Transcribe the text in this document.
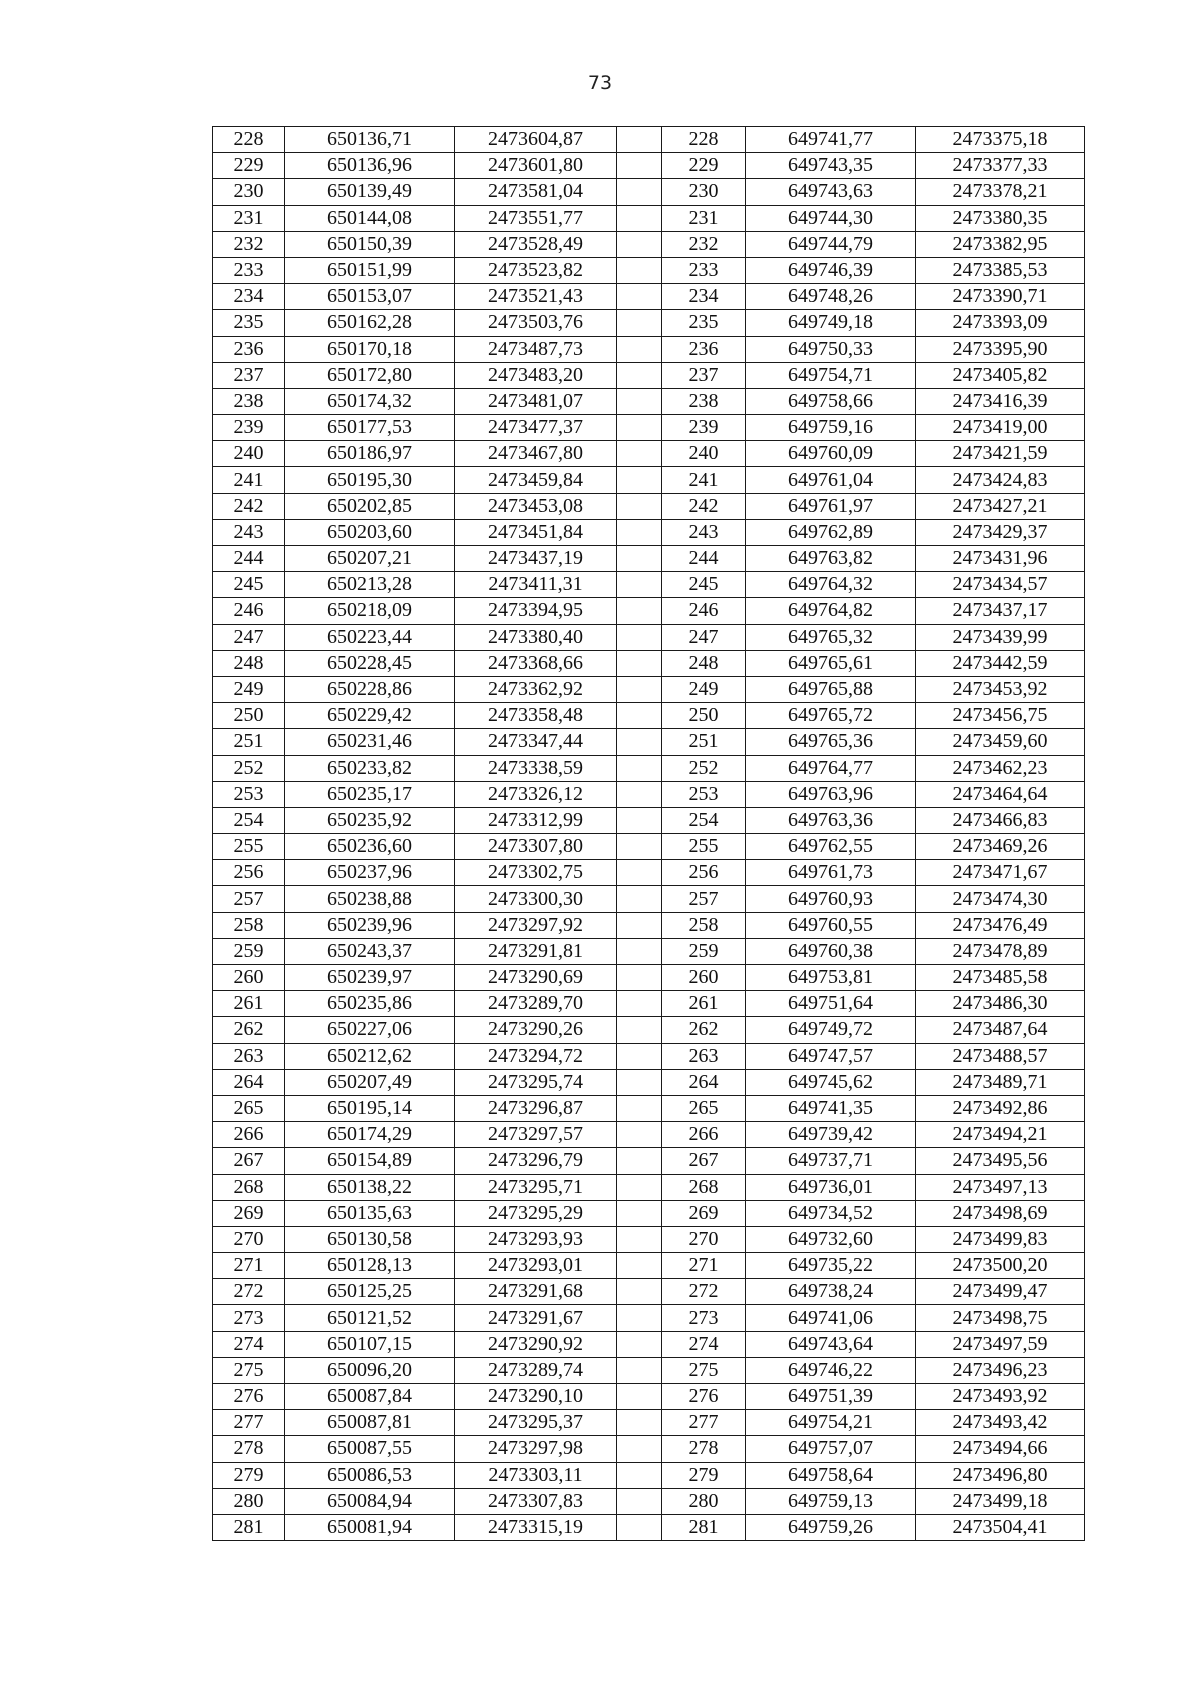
73
228	650136,71	2473604,87		228	649741,77	2473375,18
229	650136,96	2473601,80		229	649743,35	2473377,33
230	650139,49	2473581,04		230	649743,63	2473378,21
231	650144,08	2473551,77		231	649744,30	2473380,35
232	650150,39	2473528,49		232	649744,79	2473382,95
233	650151,99	2473523,82		233	649746,39	2473385,53
234	650153,07	2473521,43		234	649748,26	2473390,71
235	650162,28	2473503,76		235	649749,18	2473393,09
236	650170,18	2473487,73		236	649750,33	2473395,90
237	650172,80	2473483,20		237	649754,71	2473405,82
238	650174,32	2473481,07		238	649758,66	2473416,39
239	650177,53	2473477,37		239	649759,16	2473419,00
240	650186,97	2473467,80		240	649760,09	2473421,59
241	650195,30	2473459,84		241	649761,04	2473424,83
242	650202,85	2473453,08		242	649761,97	2473427,21
243	650203,60	2473451,84		243	649762,89	2473429,37
244	650207,21	2473437,19		244	649763,82	2473431,96
245	650213,28	2473411,31		245	649764,32	2473434,57
246	650218,09	2473394,95		246	649764,82	2473437,17
247	650223,44	2473380,40		247	649765,32	2473439,99
248	650228,45	2473368,66		248	649765,61	2473442,59
249	650228,86	2473362,92		249	649765,88	2473453,92
250	650229,42	2473358,48		250	649765,72	2473456,75
251	650231,46	2473347,44		251	649765,36	2473459,60
252	650233,82	2473338,59		252	649764,77	2473462,23
253	650235,17	2473326,12		253	649763,96	2473464,64
254	650235,92	2473312,99		254	649763,36	2473466,83
255	650236,60	2473307,80		255	649762,55	2473469,26
256	650237,96	2473302,75		256	649761,73	2473471,67
257	650238,88	2473300,30		257	649760,93	2473474,30
258	650239,96	2473297,92		258	649760,55	2473476,49
259	650243,37	2473291,81		259	649760,38	2473478,89
260	650239,97	2473290,69		260	649753,81	2473485,58
261	650235,86	2473289,70		261	649751,64	2473486,30
262	650227,06	2473290,26		262	649749,72	2473487,64
263	650212,62	2473294,72		263	649747,57	2473488,57
264	650207,49	2473295,74		264	649745,62	2473489,71
265	650195,14	2473296,87		265	649741,35	2473492,86
266	650174,29	2473297,57		266	649739,42	2473494,21
267	650154,89	2473296,79		267	649737,71	2473495,56
268	650138,22	2473295,71		268	649736,01	2473497,13
269	650135,63	2473295,29		269	649734,52	2473498,69
270	650130,58	2473293,93		270	649732,60	2473499,83
271	650128,13	2473293,01		271	649735,22	2473500,20
272	650125,25	2473291,68		272	649738,24	2473499,47
273	650121,52	2473291,67		273	649741,06	2473498,75
274	650107,15	2473290,92		274	649743,64	2473497,59
275	650096,20	2473289,74		275	649746,22	2473496,23
276	650087,84	2473290,10		276	649751,39	2473493,92
277	650087,81	2473295,37		277	649754,21	2473493,42
278	650087,55	2473297,98		278	649757,07	2473494,66
279	650086,53	2473303,11		279	649758,64	2473496,80
280	650084,94	2473307,83		280	649759,13	2473499,18
281	650081,94	2473315,19		281	649759,26	2473504,41
